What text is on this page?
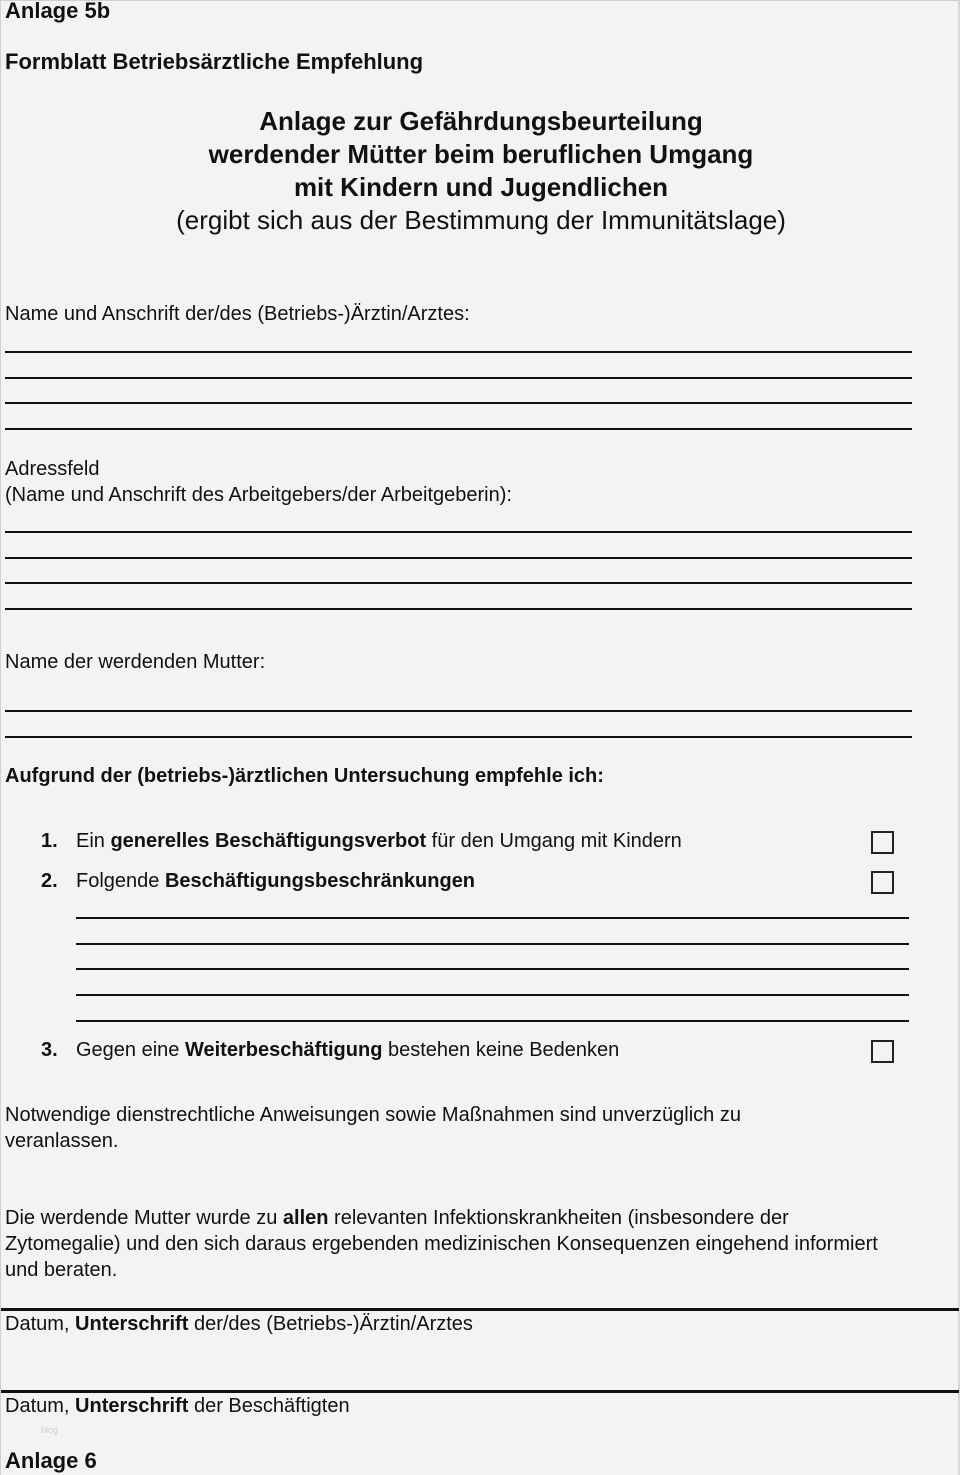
Anlage 5b
Formblatt Betriebsärztliche Empfehlung
Anlage zur Gefährdungsbeurteilung
werdender Mütter beim beruflichen Umgang
mit Kindern und Jugendlichen
(ergibt sich aus der Bestimmung der Immunitätslage)
Name und Anschrift der/des (Betriebs-)Ärztin/Arztes:
Adressfeld
(Name und Anschrift des Arbeitgebers/der Arbeitgeberin):
Name der werdenden Mutter:
Aufgrund der (betriebs-)ärztlichen Untersuchung empfehle ich:
1. Ein generelles Beschäftigungsverbot für den Umgang mit Kindern
2. Folgende Beschäftigungsbeschränkungen
3. Gegen eine Weiterbeschäftigung bestehen keine Bedenken
Notwendige dienstrechtliche Anweisungen sowie Maßnahmen sind unverzüglich zu veranlassen.
Die werdende Mutter wurde zu allen relevanten Infektionskrankheiten (insbesondere der Zytomegalie) und den sich daraus ergebenden medizinischen Konsequenzen eingehend informiert und beraten.
Datum, Unterschrift der/des (Betriebs-)Ärztin/Arztes
Datum, Unterschrift der Beschäftigten
blog
Anlage 6
